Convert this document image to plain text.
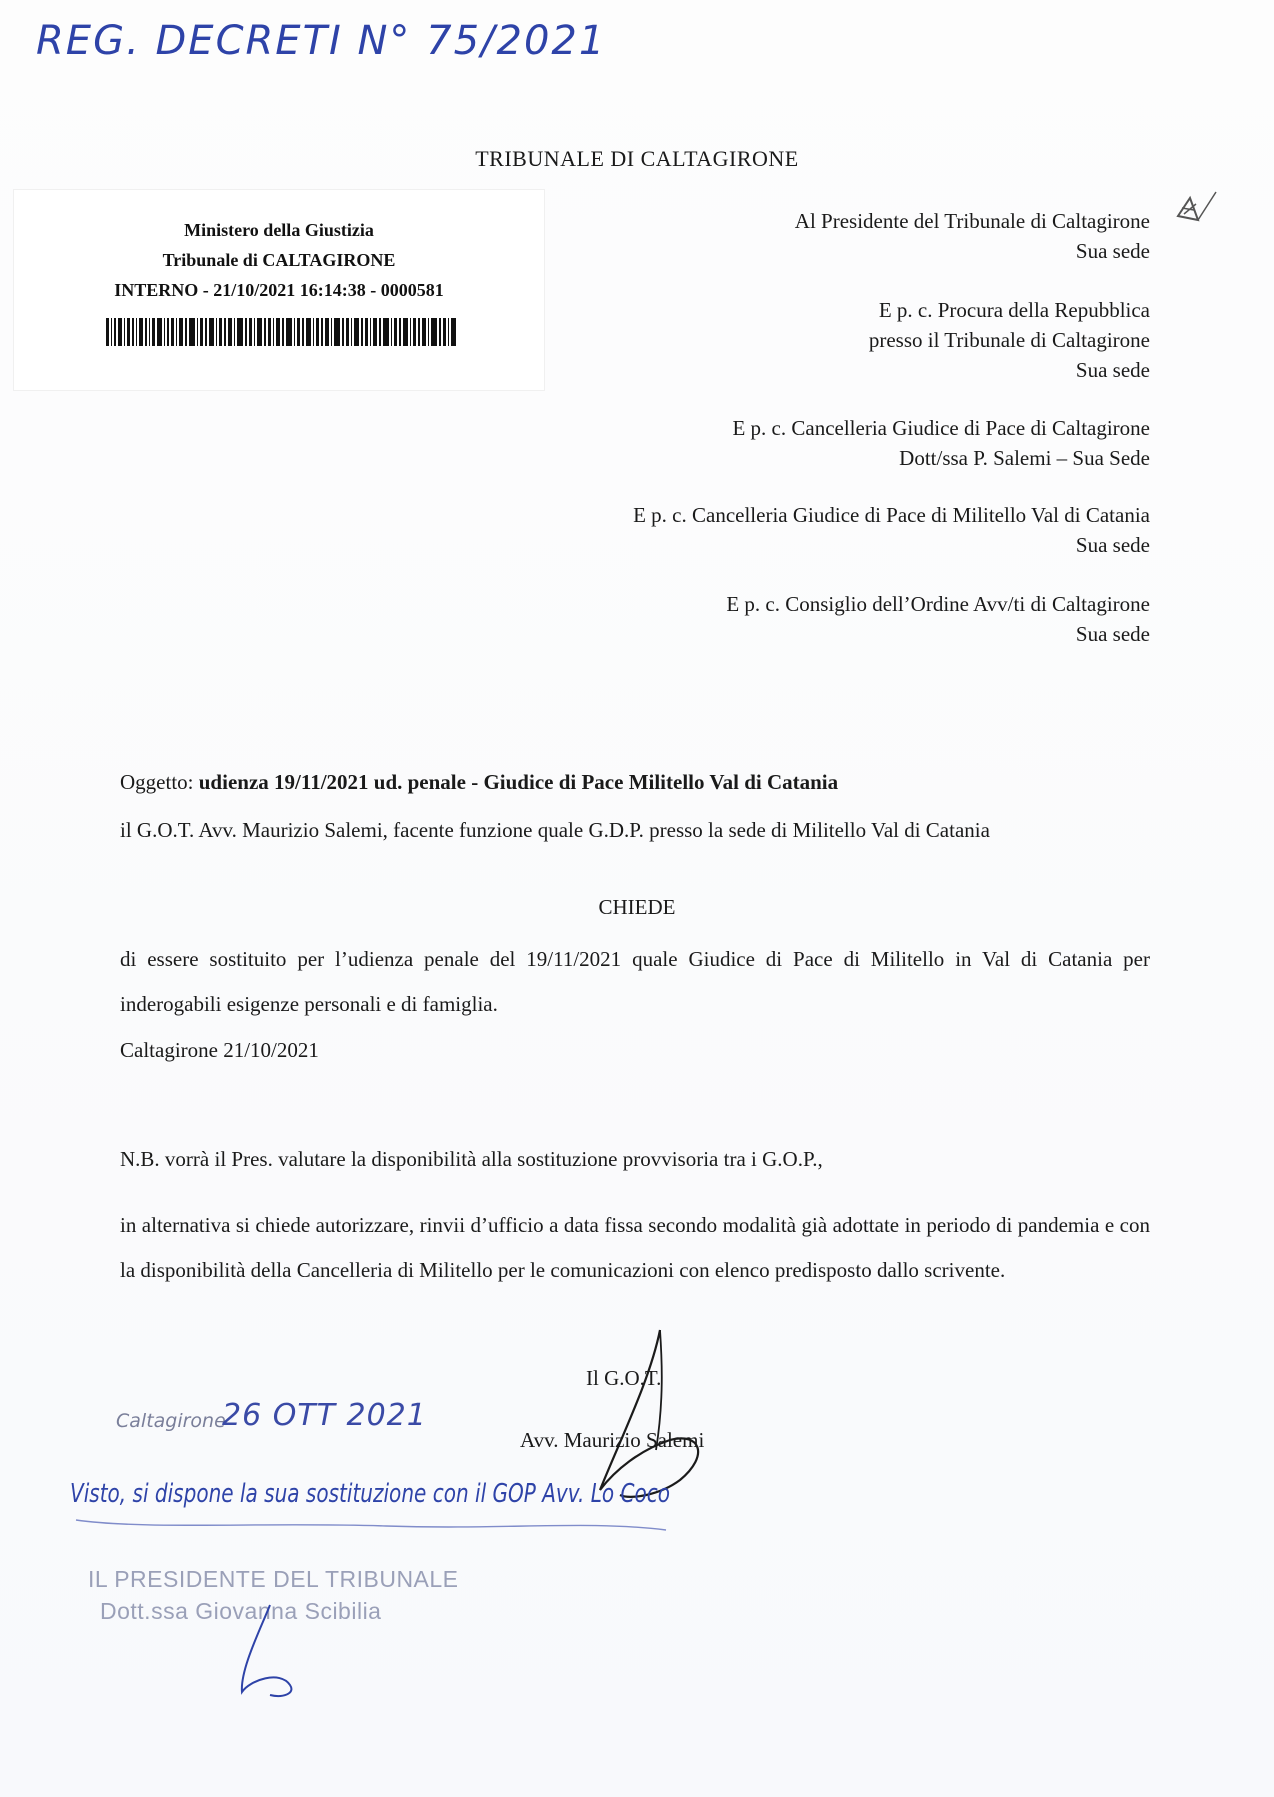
REG. DECRETI N° 75/2021
TRIBUNALE DI CALTAGIRONE
Ministero della Giustizia
Tribunale di CALTAGIRONE
INTERNO - 21/10/2021 16:14:38 - 0000581
Al Presidente del Tribunale di Caltagirone
Sua sede
E p. c. Procura della Repubblica
presso il Tribunale di Caltagirone
Sua sede
E p. c. Cancelleria Giudice di Pace di Caltagirone
Dott/ssa P. Salemi – Sua Sede
E p. c. Cancelleria Giudice di Pace di Militello Val di Catania
Sua sede
E p. c. Consiglio dell’Ordine Avv/ti di Caltagirone
Sua sede
Oggetto: udienza 19/11/2021 ud. penale - Giudice di Pace Militello Val di Catania
il G.O.T. Avv. Maurizio Salemi, facente funzione quale G.D.P. presso la sede di Militello Val di Catania
CHIEDE
di essere sostituito per l’udienza penale del 19/11/2021 quale Giudice di Pace di Militello in Val di Catania per inderogabili esigenze personali e di famiglia.
Caltagirone 21/10/2021
N.B. vorrà il Pres. valutare la disponibilità alla sostituzione provvisoria tra i G.O.P.,
in alternativa si chiede autorizzare, rinvii d’ufficio a data fissa secondo modalità già adottate in periodo di pandemia e con la disponibilità della Cancelleria di Militello per le comunicazioni con elenco predisposto dallo scrivente.
Il G.O.T.
Avv. Maurizio Salemi
Caltagirone
26 OTT 2021
Visto, si dispone la sua sostituzione con il GOP Avv. Lo Coco
IL PRESIDENTE DEL TRIBUNALE
Dott.ssa Giovanna Scibilia
